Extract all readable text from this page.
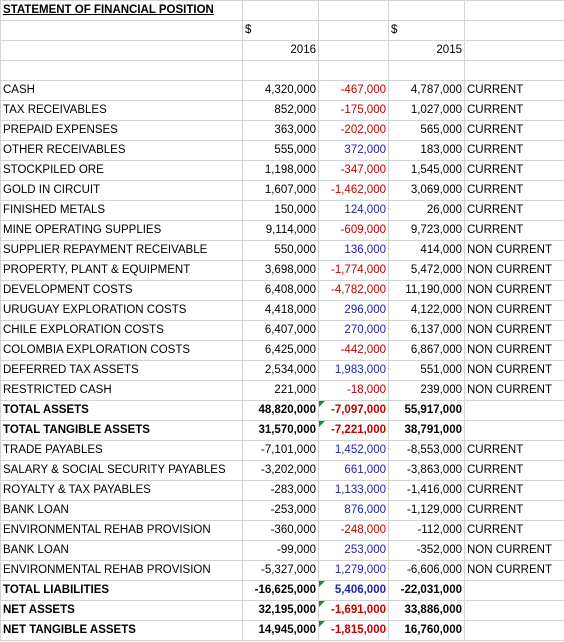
STATEMENT OF FINANCIAL POSITION				
	$		$	
	2016		2015	

CASH	4,320,000	-467,000	4,787,000	CURRENT
TAX RECEIVABLES	852,000	-175,000	1,027,000	CURRENT
PREPAID EXPENSES	363,000	-202,000	565,000	CURRENT
OTHER RECEIVABLES	555,000	372,000	183,000	CURRENT
STOCKPILED ORE	1,198,000	-347,000	1,545,000	CURRENT
GOLD IN CIRCUIT	1,607,000	-1,462,000	3,069,000	CURRENT
FINISHED METALS	150,000	124,000	26,000	CURRENT
MINE OPERATING SUPPLIES	9,114,000	-609,000	9,723,000	CURRENT
SUPPLIER REPAYMENT RECEIVABLE	550,000	136,000	414,000	NON CURRENT
PROPERTY, PLANT & EQUIPMENT	3,698,000	-1,774,000	5,472,000	NON CURRENT
DEVELOPMENT COSTS	6,408,000	-4,782,000	11,190,000	NON CURRENT
URUGUAY EXPLORATION COSTS	4,418,000	296,000	4,122,000	NON CURRENT
CHILE EXPLORATION COSTS	6,407,000	270,000	6,137,000	NON CURRENT
COLOMBIA EXPLORATION COSTS	6,425,000	-442,000	6,867,000	NON CURRENT
DEFERRED TAX ASSETS	2,534,000	1,983,000	551,000	NON CURRENT
RESTRICTED CASH	221,000	-18,000	239,000	NON CURRENT
TOTAL ASSETS	48,820,000	-7,097,000	55,917,000	
TOTAL TANGIBLE ASSETS	31,570,000	-7,221,000	38,791,000	
TRADE PAYABLES	-7,101,000	1,452,000	-8,553,000	CURRENT
SALARY & SOCIAL SECURITY PAYABLES	-3,202,000	661,000	-3,863,000	CURRENT
ROYALTY & TAX PAYABLES	-283,000	1,133,000	-1,416,000	CURRENT
BANK LOAN	-253,000	876,000	-1,129,000	CURRENT
ENVIRONMENTAL REHAB PROVISION	-360,000	-248,000	-112,000	CURRENT
BANK LOAN	-99,000	253,000	-352,000	NON CURRENT
ENVIRONMENTAL REHAB PROVISION	-5,327,000	1,279,000	-6,606,000	NON CURRENT
TOTAL LIABILITIES	-16,625,000	5,406,000	-22,031,000	
NET ASSETS	32,195,000	-1,691,000	33,886,000	
NET TANGIBLE ASSETS	14,945,000	-1,815,000	16,760,000	
